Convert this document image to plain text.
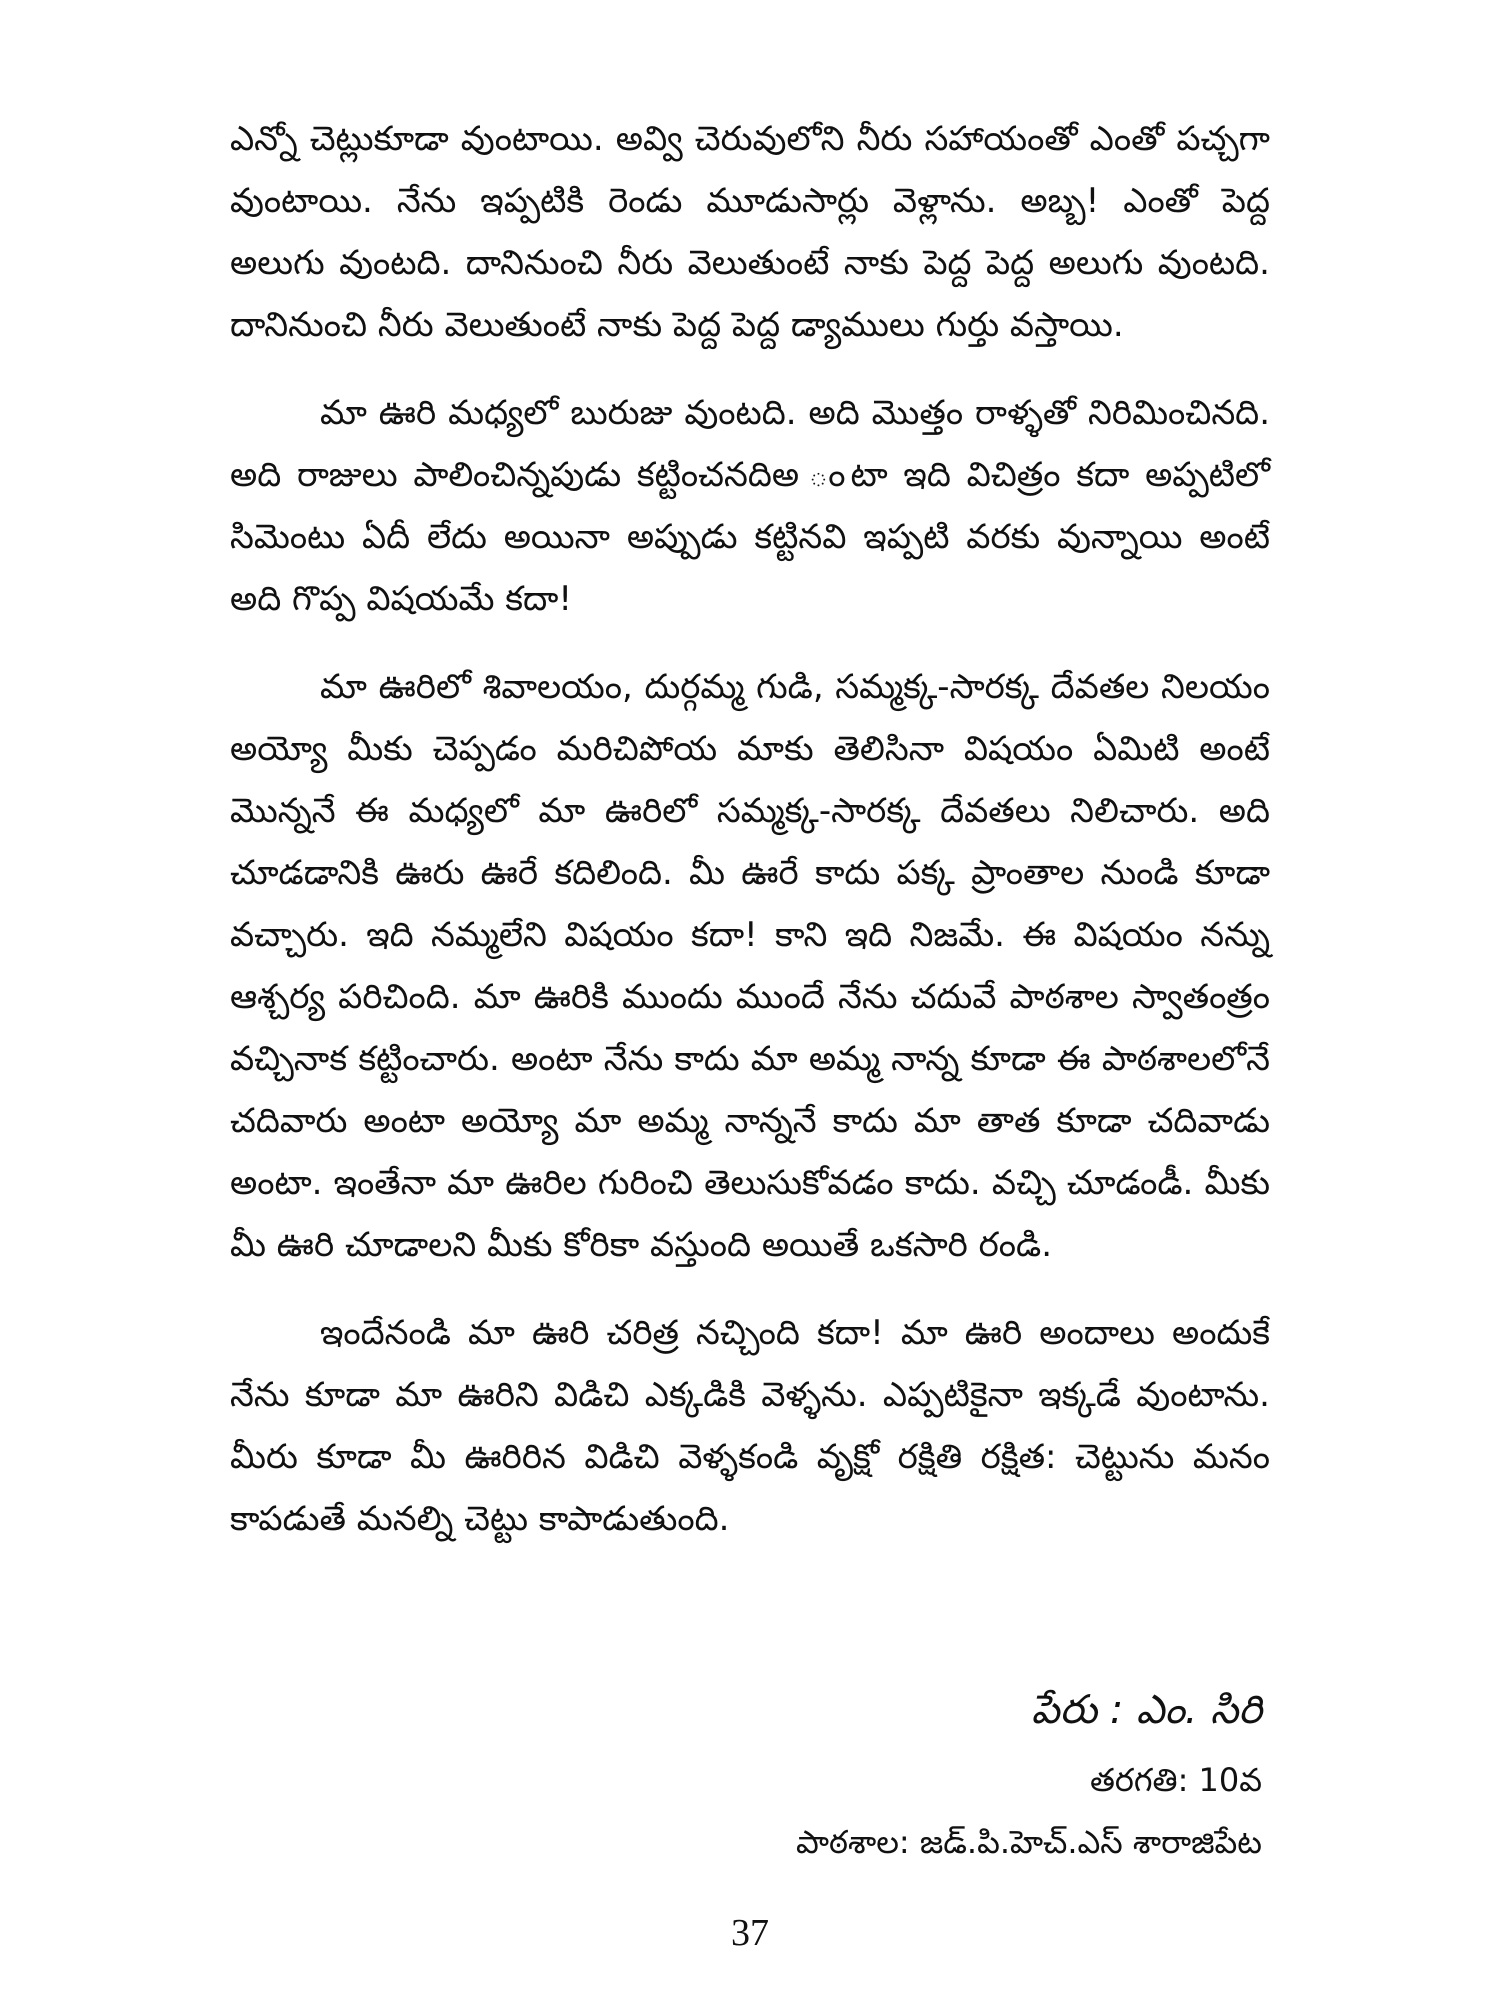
ఎన్నో చెట్లుకూడా వుంటాయి. అవ్వి చెరువులోని నీరు సహాయంతో ఎంతో పచ్చగా వుంటాయి. నేను ఇప్పటికి రెండు మూడుసార్లు వెళ్లాను. అబ్బ! ఎంతో పెద్ద అలుగు వుంటది. దానినుంచి నీరు వెలుతుంటే నాకు పెద్ద పెద్ద అలుగు వుంటది. దానినుంచి నీరు వెలుతుంటే నాకు పెద్ద పెద్ద డ్యాములు గుర్తు వస్తాయి.

మా ఊరి మధ్యలో బురుజు వుంటది. అది మొత్తం రాళ్ళతో నిరిమించినది. అది రాజులు పాలించిన్నపుడు కట్టించనదిఅ ంటా ఇది విచిత్రం కదా అప్పటిలో సిమెంటు ఏదీ లేదు అయినా అప్పుడు కట్టినవి ఇప్పటి వరకు వున్నాయి అంటే అది గొప్ప విషయమే కదా!

మా ఊరిలో శివాలయం, దుర్గమ్మ గుడి, సమ్మక్క-సారక్క దేవతల నిలయం అయ్యో మీకు చెప్పడం మరిచిపోయ మాకు తెలిసినా విషయం ఏమిటి అంటే మొన్ననే ఈ మధ్యలో మా ఊరిలో సమ్మక్క-సారక్క దేవతలు నిలిచారు. అది చూడడానికి ఊరు ఊరే కదిలింది. మీ ఊరే కాదు పక్క ప్రాంతాల నుండి కూడా వచ్చారు. ఇది నమ్మలేని విషయం కదా! కాని ఇది నిజమే. ఈ విషయం నన్ను ఆశ్చర్య పరిచింది. మా ఊరికి ముందు ముందే నేను చదువే పాఠశాల స్వాతంత్రం వచ్చినాక కట్టించారు. అంటా నేను కాదు మా అమ్మ నాన్న కూడా ఈ పాఠశాలలోనే చదివారు అంటా అయ్యో మా అమ్మ నాన్ననే కాదు మా తాత కూడా చదివాడు అంటా. ఇంతేనా మా ఊరిల గురించి తెలుసుకోవడం కాదు. వచ్చి చూడండీ. మీకు మీ ఊరి చూడాలని మీకు కోరికా వస్తుంది అయితే ఒకసారి రండి.

ఇందేనండి మా ఊరి చరిత్ర నచ్చింది కదా! మా ఊరి అందాలు అందుకే నేను కూడా మా ఊరిని విడిచి ఎక్కడికి వెళ్ళను. ఎప్పటికైనా ఇక్కడే వుంటాను. మీరు కూడా మీ ఊరిరిన విడిచి వెళ్ళకండి వృక్షో రక్షితి రక్షిత: చెట్టును మనం కాపడుతే మనల్ని చెట్టు కాపాడుతుంది.

పేరు : ఎం. సిరి
తరగతి: 10వ
పాఠశాల: జడ్.పి.హెచ్.ఎస్ శారాజిపేట
37
